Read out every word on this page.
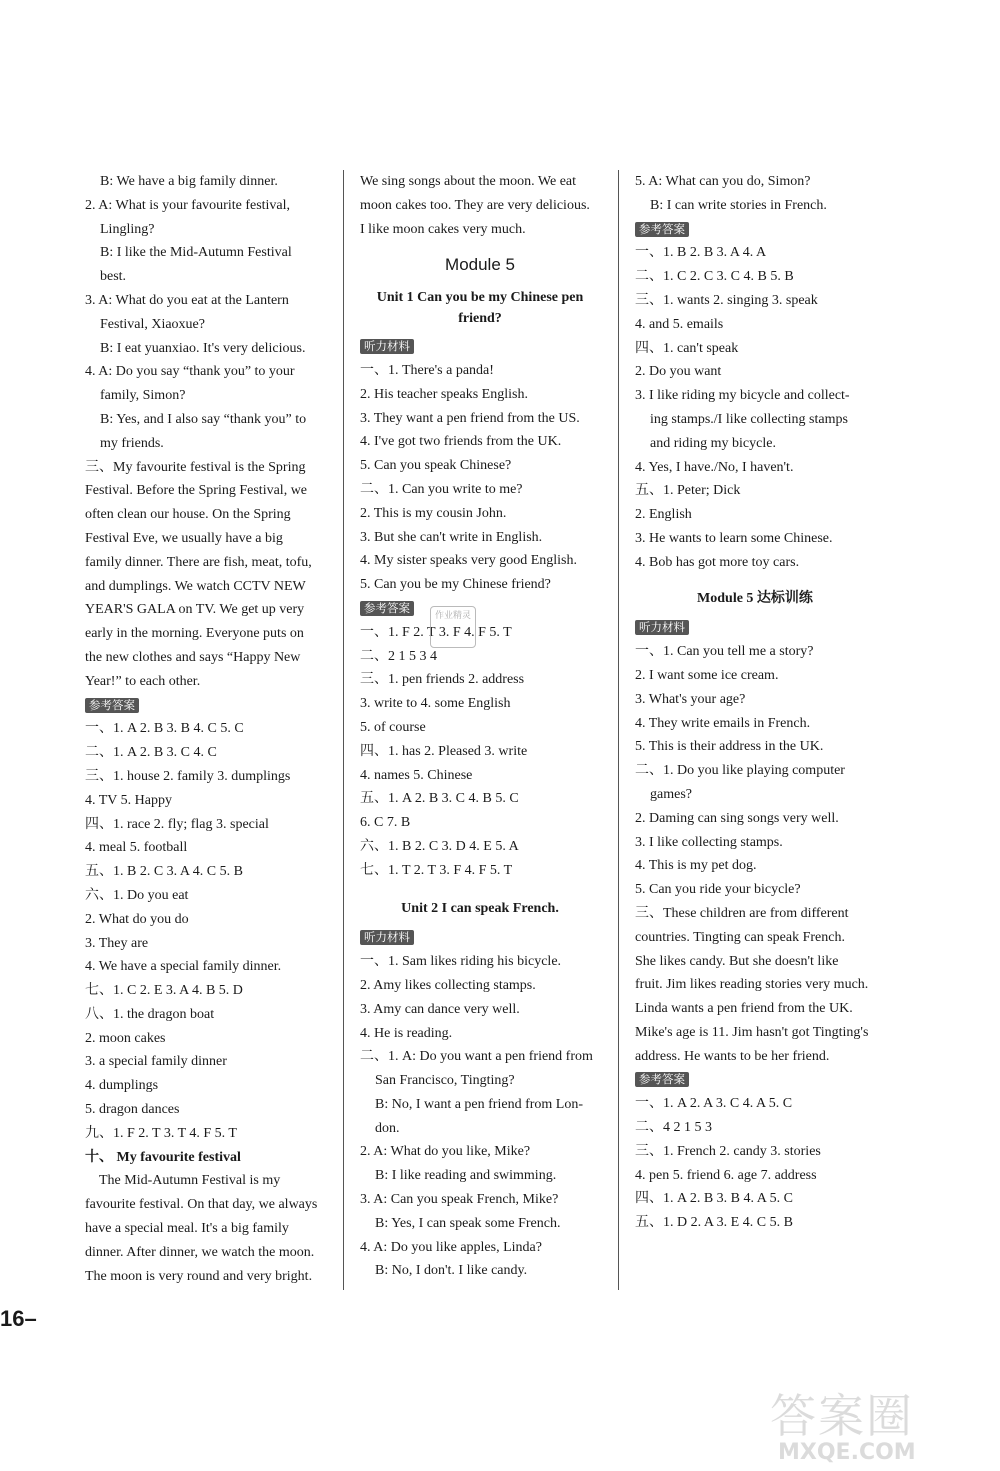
B: We have a big family dinner.
2. A: What is your favourite festival,
Lingling?
B: I like the Mid-Autumn Festival
best.
3. A: What do you eat at the Lantern
Festival, Xiaoxue?
B: I eat yuanxiao. It's very delicious.
4. A: Do you say “thank you” to your
family, Simon?
B: Yes, and I also say “thank you” to
my friends.
三、My favourite festival is the Spring
Festival. Before the Spring Festival, we
often clean our house. On the Spring
Festival Eve, we usually have a big
family dinner. There are fish, meat, tofu,
and dumplings. We watch CCTV NEW
YEAR'S GALA on TV. We get up very
early in the morning. Everyone puts on
the new clothes and says “Happy New
Year!” to each other.
参考答案
一、1. A 2. B 3. B 4. C 5. C
二、1. A 2. B 3. C 4. C
三、1. house 2. family 3. dumplings
4. TV 5. Happy
四、1. race 2. fly; flag 3. special
4. meal 5. football
五、1. B 2. C 3. A 4. C 5. B
六、1. Do you eat
2. What do you do
3. They are
4. We have a special family dinner.
七、1. C 2. E 3. A 4. B 5. D
八、1. the dragon boat
2. moon cakes
3. a special family dinner
4. dumplings
5. dragon dances
九、1. F 2. T 3. T 4. F 5. T
十、 My favourite festival
The Mid-Autumn Festival is my
favourite festival. On that day, we always
have a special meal. It's a big family
dinner. After dinner, we watch the moon.
The moon is very round and very bright.
We sing songs about the moon. We eat
moon cakes too. They are very delicious.
I like moon cakes very much.
Module 5
Unit 1 Can you be my Chinese pen
friend?
听力材料
一、1. There's a panda!
2. His teacher speaks English.
3. They want a pen friend from the US.
4. I've got two friends from the UK.
5. Can you speak Chinese?
二、1. Can you write to me?
2. This is my cousin John.
3. But she can't write in English.
4. My sister speaks very good English.
5. Can you be my Chinese friend?
参考答案
一、1. F 2. T 3. F 4. F 5. T
二、2 1 5 3 4
三、1. pen friends 2. address
3. write to 4. some English
5. of course
四、1. has 2. Pleased 3. write
4. names 5. Chinese
五、1. A 2. B 3. C 4. B 5. C
6. C 7. B
六、1. B 2. C 3. D 4. E 5. A
七、1. T 2. T 3. F 4. F 5. T
Unit 2 I can speak French.
听力材料
一、1. Sam likes riding his bicycle.
2. Amy likes collecting stamps.
3. Amy can dance very well.
4. He is reading.
二、1. A: Do you want a pen friend from
San Francisco, Tingting?
B: No, I want a pen friend from Lon-
don.
2. A: What do you like, Mike?
B: I like reading and swimming.
3. A: Can you speak French, Mike?
B: Yes, I can speak some French.
4. A: Do you like apples, Linda?
B: No, I don't. I like candy.
5. A: What can you do, Simon?
B: I can write stories in French.
参考答案
一、1. B 2. B 3. A 4. A
二、1. C 2. C 3. C 4. B 5. B
三、1. wants 2. singing 3. speak
4. and 5. emails
四、1. can't speak
2. Do you want
3. I like riding my bicycle and collect-
ing stamps./I like collecting stamps
and riding my bicycle.
4. Yes, I have./No, I haven't.
五、1. Peter; Dick
2. English
3. He wants to learn some Chinese.
4. Bob has got more toy cars.
Module 5 达标训练
听力材料
一、1. Can you tell me a story?
2. I want some ice cream.
3. What's your age?
4. They write emails in French.
5. This is their address in the UK.
二、1. Do you like playing computer
games?
2. Daming can sing songs very well.
3. I like collecting stamps.
4. This is my pet dog.
5. Can you ride your bicycle?
三、These children are from different
countries. Tingting can speak French.
She likes candy. But she doesn't like
fruit. Jim likes reading stories very much.
Linda wants a pen friend from the UK.
Mike's age is 11. Jim hasn't got Tingting's
address. He wants to be her friend.
参考答案
一、1. A 2. A 3. C 4. A 5. C
二、4 2 1 5 3
三、1. French 2. candy 3. stories
4. pen 5. friend 6. age 7. address
四、1. A 2. B 3. B 4. A 5. C
五、1. D 2. A 3. E 4. C 5. B
作业精灵
16–
答案圈
MXQE.COM
